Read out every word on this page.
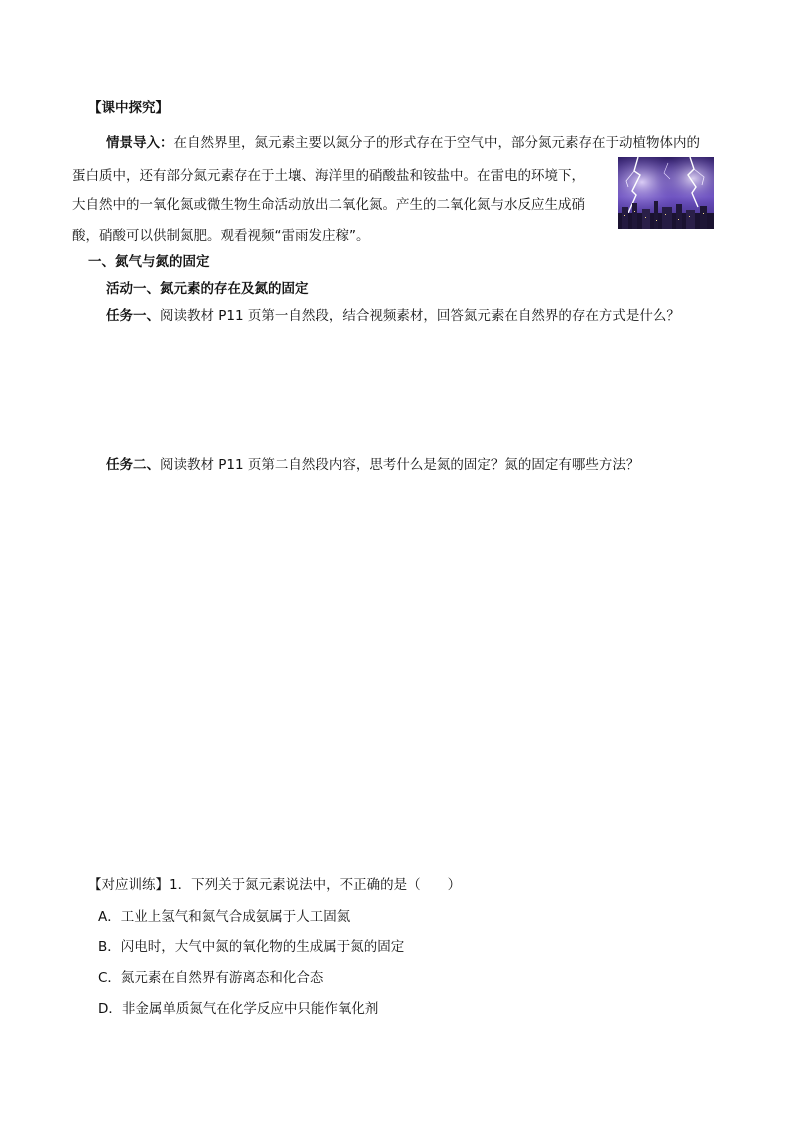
【课中探究】
情景导入：在自然界里，氮元素主要以氮分子的形式存在于空气中，部分氮元素存在于动植物体内的
蛋白质中，还有部分氮元素存在于土壤、海洋里的硝酸盐和铵盐中。在雷电的环境下，
大自然中的一氧化氮或微生物生命活动放出二氧化氮。产生的二氧化氮与水反应生成硝
酸，硝酸可以供制氮肥。观看视频“雷雨发庄稼”。
一、氮气与氮的固定
活动一、氮元素的存在及氮的固定
任务一、阅读教材 P11 页第一自然段，结合视频素材，回答氮元素在自然界的存在方式是什么？
任务二、阅读教材 P11 页第二自然段内容，思考什么是氮的固定？氮的固定有哪些方法？
【对应训练】1．下列关于氮元素说法中，不正确的是（　　）
A．工业上氢气和氮气合成氨属于人工固氮
B．闪电时，大气中氮的氧化物的生成属于氮的固定
C．氮元素在自然界有游离态和化合态
D．非金属单质氮气在化学反应中只能作氧化剂
